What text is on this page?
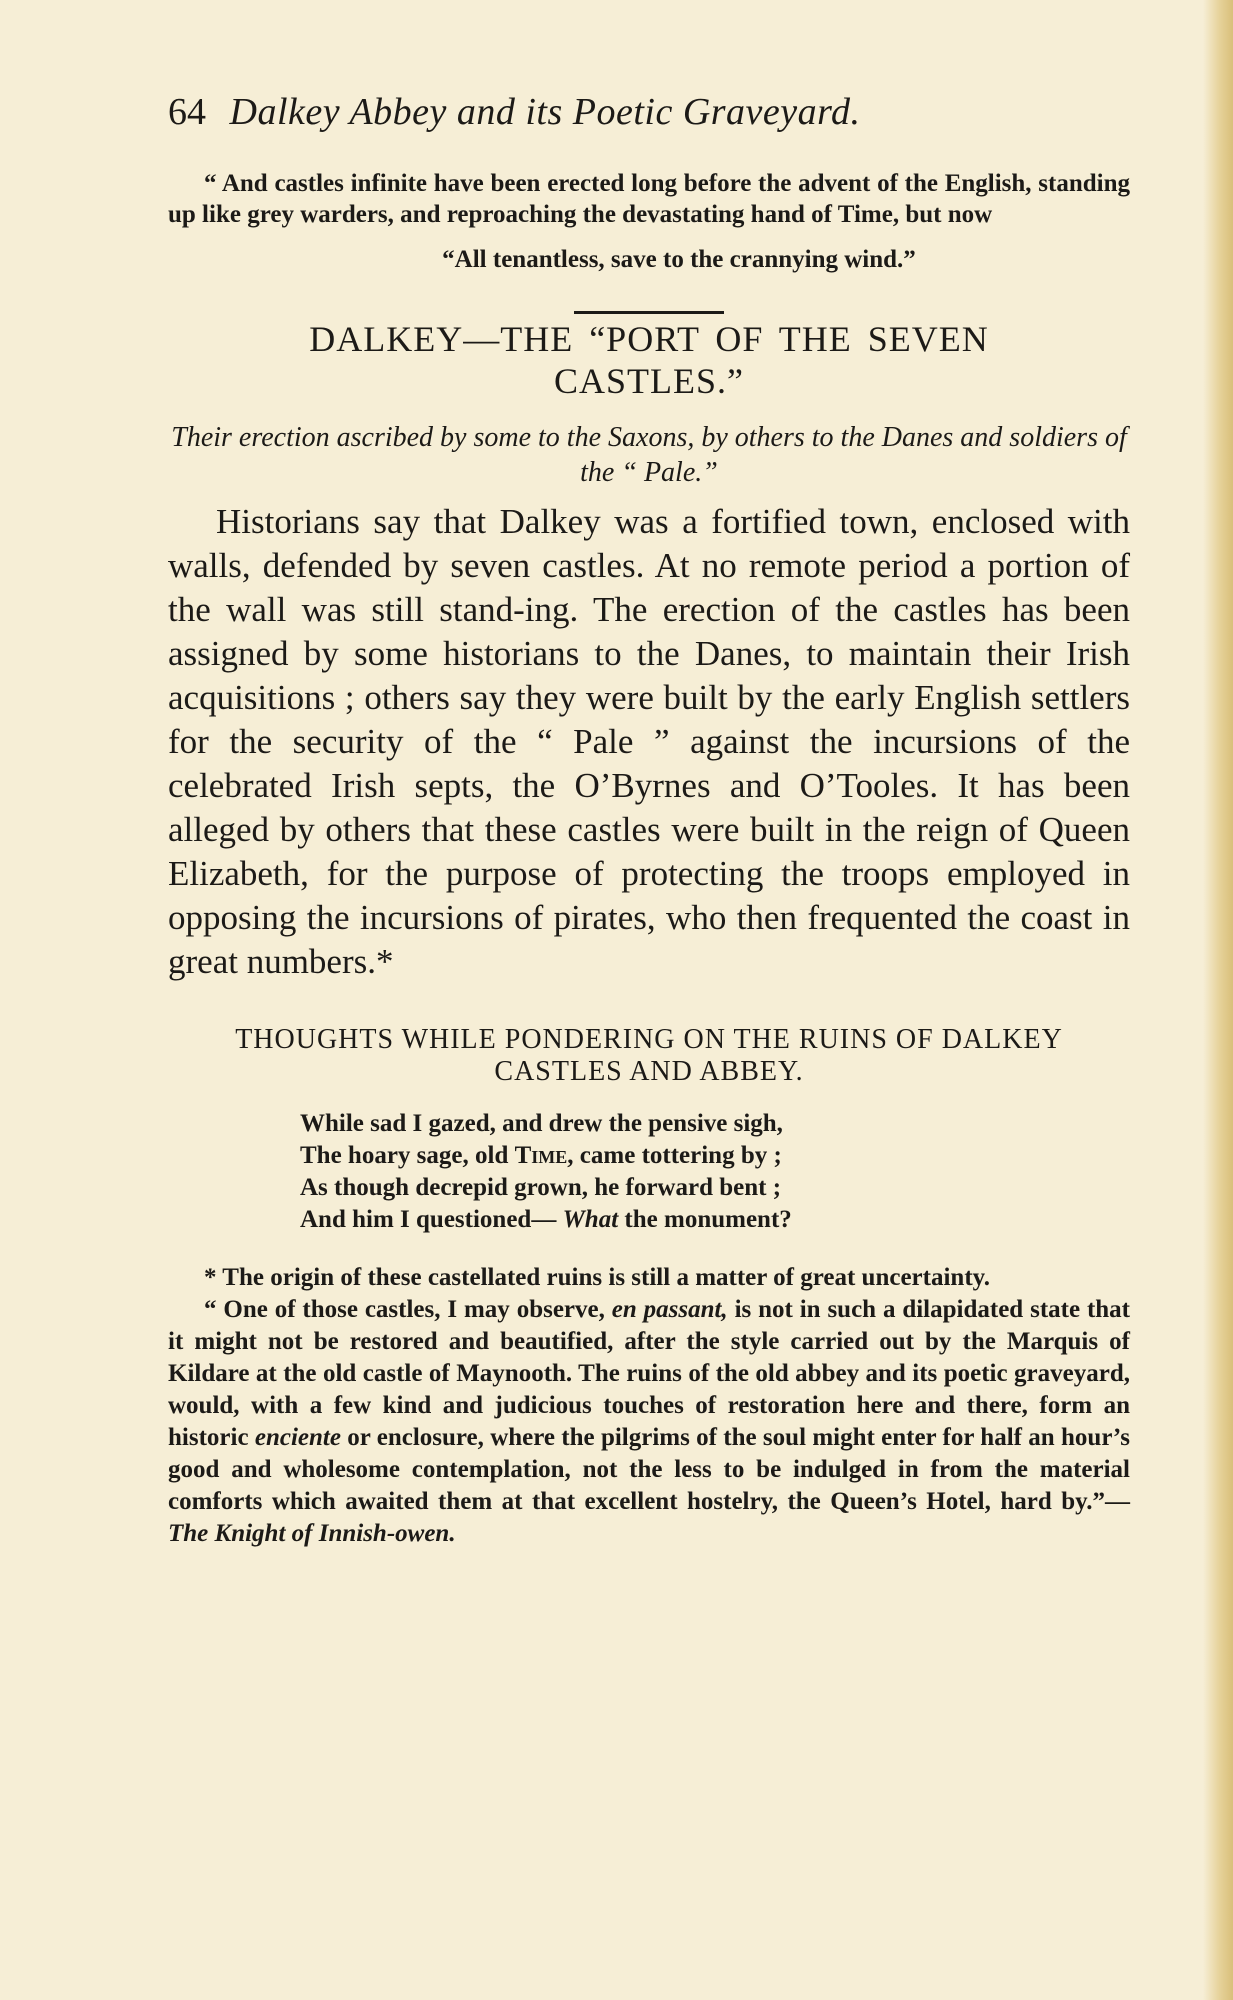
64 Dalkey Abbey and its Poetic Graveyard.

“ And castles infinite have been erected long before the advent of the English, standing up like grey warders, and reproaching the devastating hand of Time, but now

“All tenantless, save to the crannying wind.”

DALKEY—THE “PORT OF THE SEVEN CASTLES.”

Their erection ascribed by some to the Saxons, by others to the Danes and soldiers of the “ Pale.”

Historians say that Dalkey was a fortified town, enclosed with walls, defended by seven castles. At no remote period a portion of the wall was still stand-ing. The erection of the castles has been assigned by some historians to the Danes, to maintain their Irish acquisitions ; others say they were built by the early English settlers for the security of the “ Pale ” against the incursions of the celebrated Irish septs, the O’Byrnes and O’Tooles. It has been alleged by others that these castles were built in the reign of Queen Elizabeth, for the purpose of protecting the troops employed in opposing the incursions of pirates, who then frequented the coast in great numbers.*

THOUGHTS WHILE PONDERING ON THE RUINS OF DALKEY CASTLES AND ABBEY.
While sad I gazed, and drew the pensive sigh,
The hoary sage, old Time, came tottering by ;
As though decrepid grown, he forward bent ;
And him I questioned— What the monument?

* The origin of these castellated ruins is still a matter of great uncertainty.

“ One of those castles, I may observe, en passant, is not in such a dilapidated state that it might not be restored and beautified, after the style carried out by the Marquis of Kildare at the old castle of Maynooth. The ruins of the old abbey and its poetic graveyard, would, with a few kind and judicious touches of restoration here and there, form an historic enciente or enclosure, where the pilgrims of the soul might enter for half an hour’s good and wholesome contemplation, not the less to be indulged in from the material comforts which awaited them at that excellent hostelry, the Queen’s Hotel, hard by.”—The Knight of Innish-owen.
